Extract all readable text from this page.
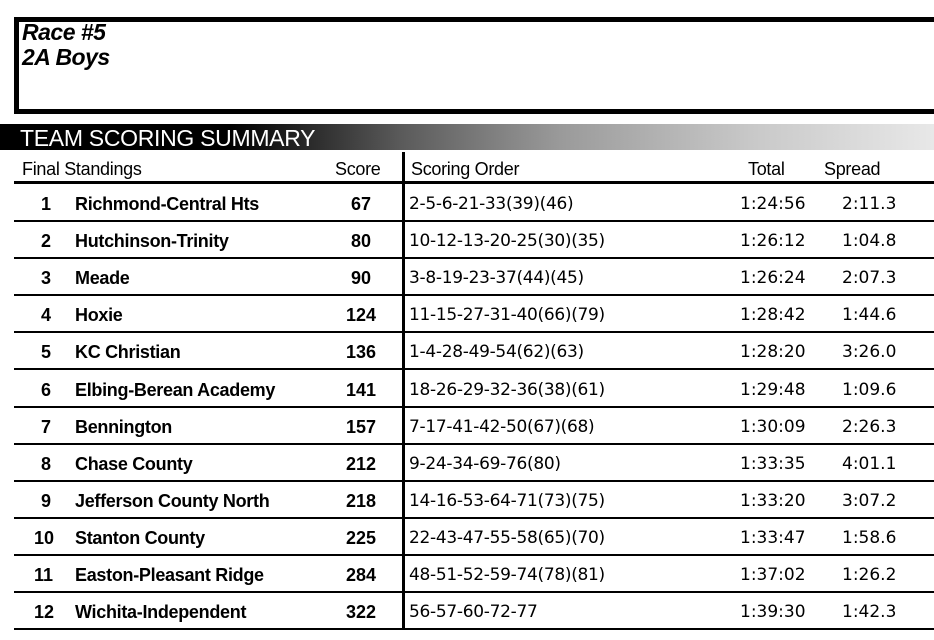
Race #5
2A Boys
TEAM SCORING SUMMARY
Final Standings	Score Scoring Order	Total Spread
1 Richmond-Central Hts	67	2-5-6-21-33(39)(46)	1:24:56 2:11.3
2 Hutchinson-Trinity	80	10-12-13-20-25(30)(35)	1:26:12 1:04.8
3 Meade	90	3-8-19-23-37(44)(45)	1:26:24 2:07.3
4 Hoxie	124	11-15-27-31-40(66)(79)	1:28:42 1:44.6
5 KC Christian	136	1-4-28-49-54(62)(63)	1:28:20 3:26.0
6 Elbing-Berean Academy	141	18-26-29-32-36(38)(61)	1:29:48 1:09.6
7 Bennington	157	7-17-41-42-50(67)(68)	1:30:09 2:26.3
8 Chase County	212	9-24-34-69-76(80)	1:33:35 4:01.1
9 Jefferson County North	218	14-16-53-64-71(73)(75)	1:33:20 3:07.2
10 Stanton County	225	22-43-47-55-58(65)(70)	1:33:47 1:58.6
11 Easton-Pleasant Ridge	284	48-51-52-59-74(78)(81)	1:37:02 1:26.2
12 Wichita-Independent	322	56-57-60-72-77	1:39:30 1:42.3
